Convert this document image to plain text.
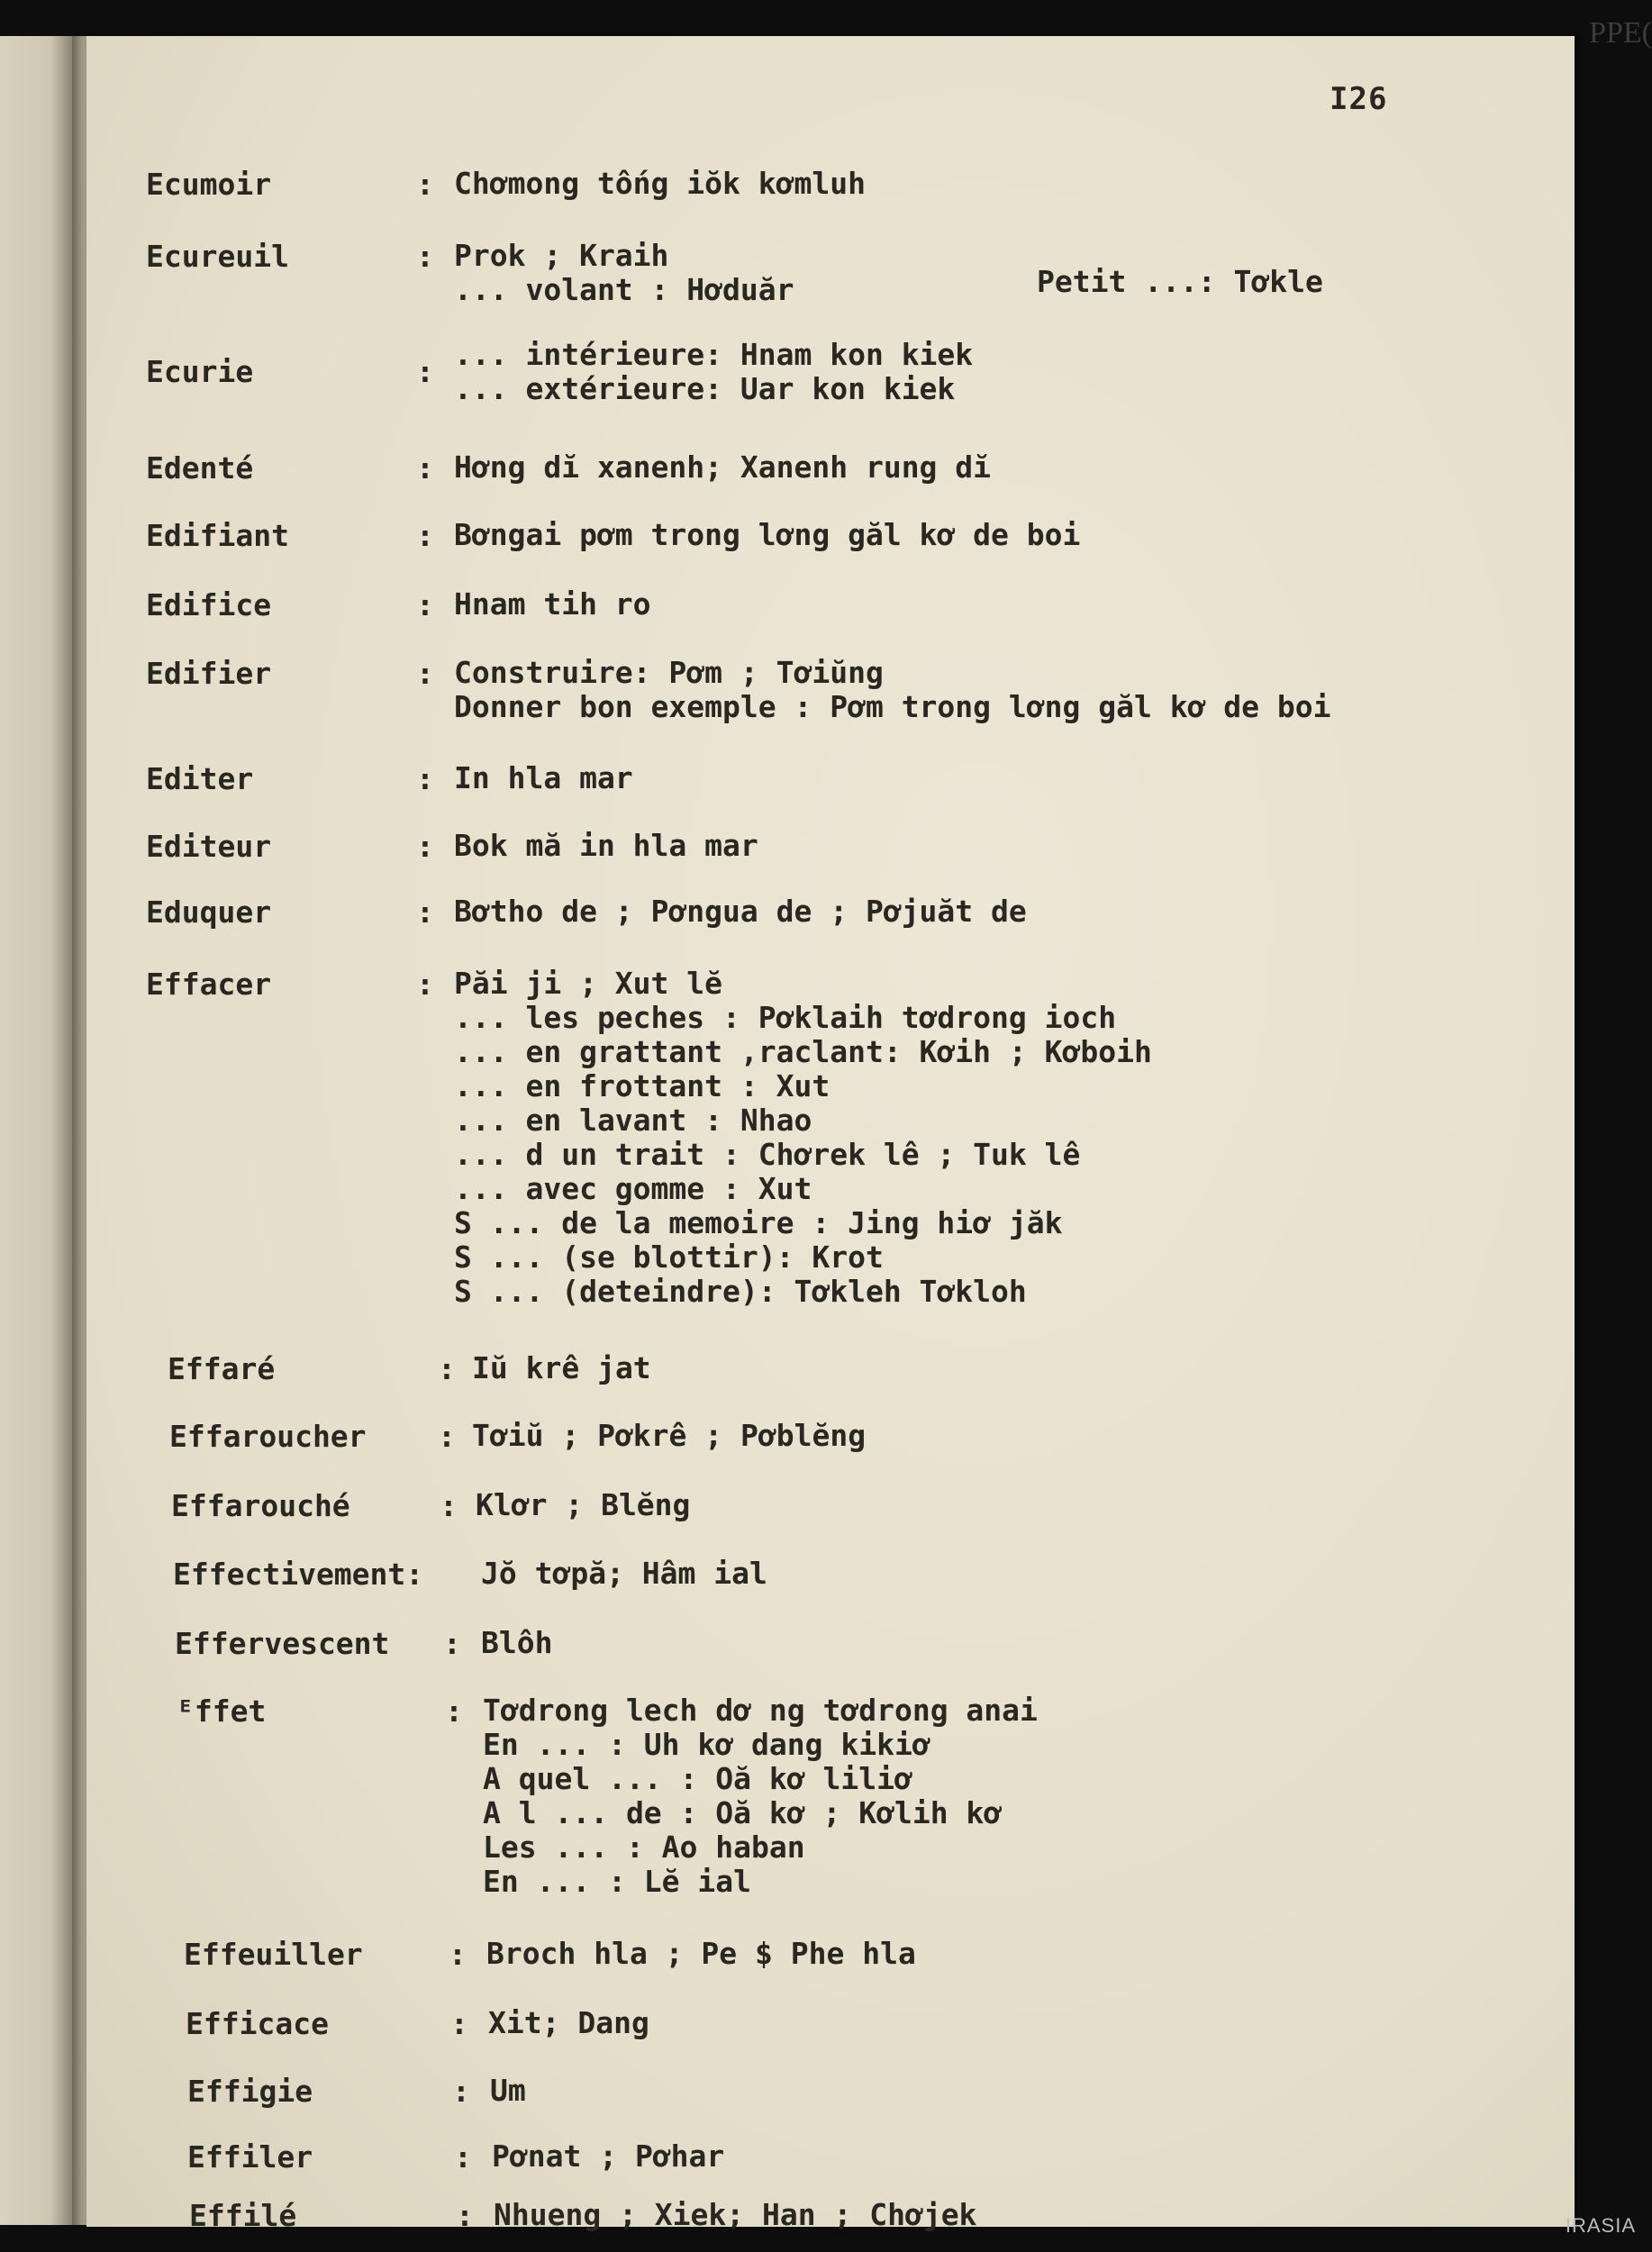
PPE(
I26
Ecumoir	: Chơmong tống iŏk kơmluh
Ecureuil	: Prok ; Kraih
... volant : Hơduăr	Petit ...: Tơkle
Ecurie	: ... intérieure: Hnam kon kiek
... extérieure: Uar kon kiek
Edenté	: Hơng dĭ xanenh; Xanenh rung dĭ
Edifiant	: Bơngai pơm trong lơng găl kơ de boi
Edifice	: Hnam tih ro
Edifier	: Construire: Pơm ; Tơiŭng
Donner bon exemple : Pơm trong lơng găl kơ de boi
Editer	: In hla mar
Editeur	: Bok mă in hla mar
Eduquer	: Bơtho de ; Pơngua de ; Pơjuăt de
Effacer	: Păi ji ; Xut lĕ
... les peches : Pơklaih tơdrong ioch
... en grattant ,raclant: Kơih ; Kơboih
... en frottant : Xut
... en lavant : Nhao
... d un trait : Chơrek lê ; Tuk lê
... avec gomme : Xut
S ... de la memoire : Jing hiơ jăk
S ... (se blottir): Krot
S ... (deteindre): Tơkleh Tơkloh
Effaré	: Iŭ krê jat
Effaroucher : Tơiŭ ; Pơkrê ; Pơblĕng
Effarouché	: Klơr ; Blĕng
Effectivement: Jŏ tơpă; Hâm ial
Effervescent : Blôh
ᴱffet	: Tơdrong lech dơ ng tơdrong anai
En ... : Uh kơ dang kikiơ
A quel ... : Oă kơ liliơ
A l ... de : Oă kơ ; Kơlih kơ
Les ... : Ao haban
En ... : Lĕ ial
Effeuiller	: Broch hla ; Pe $ Phe hla
Efficace	: Xit; Dang
Effigie	: Um
Effiler	: Pơnat ; Pơhar
Effilé	: Nhueng ; Xiek; Han ; Chơjek	IRASIA
